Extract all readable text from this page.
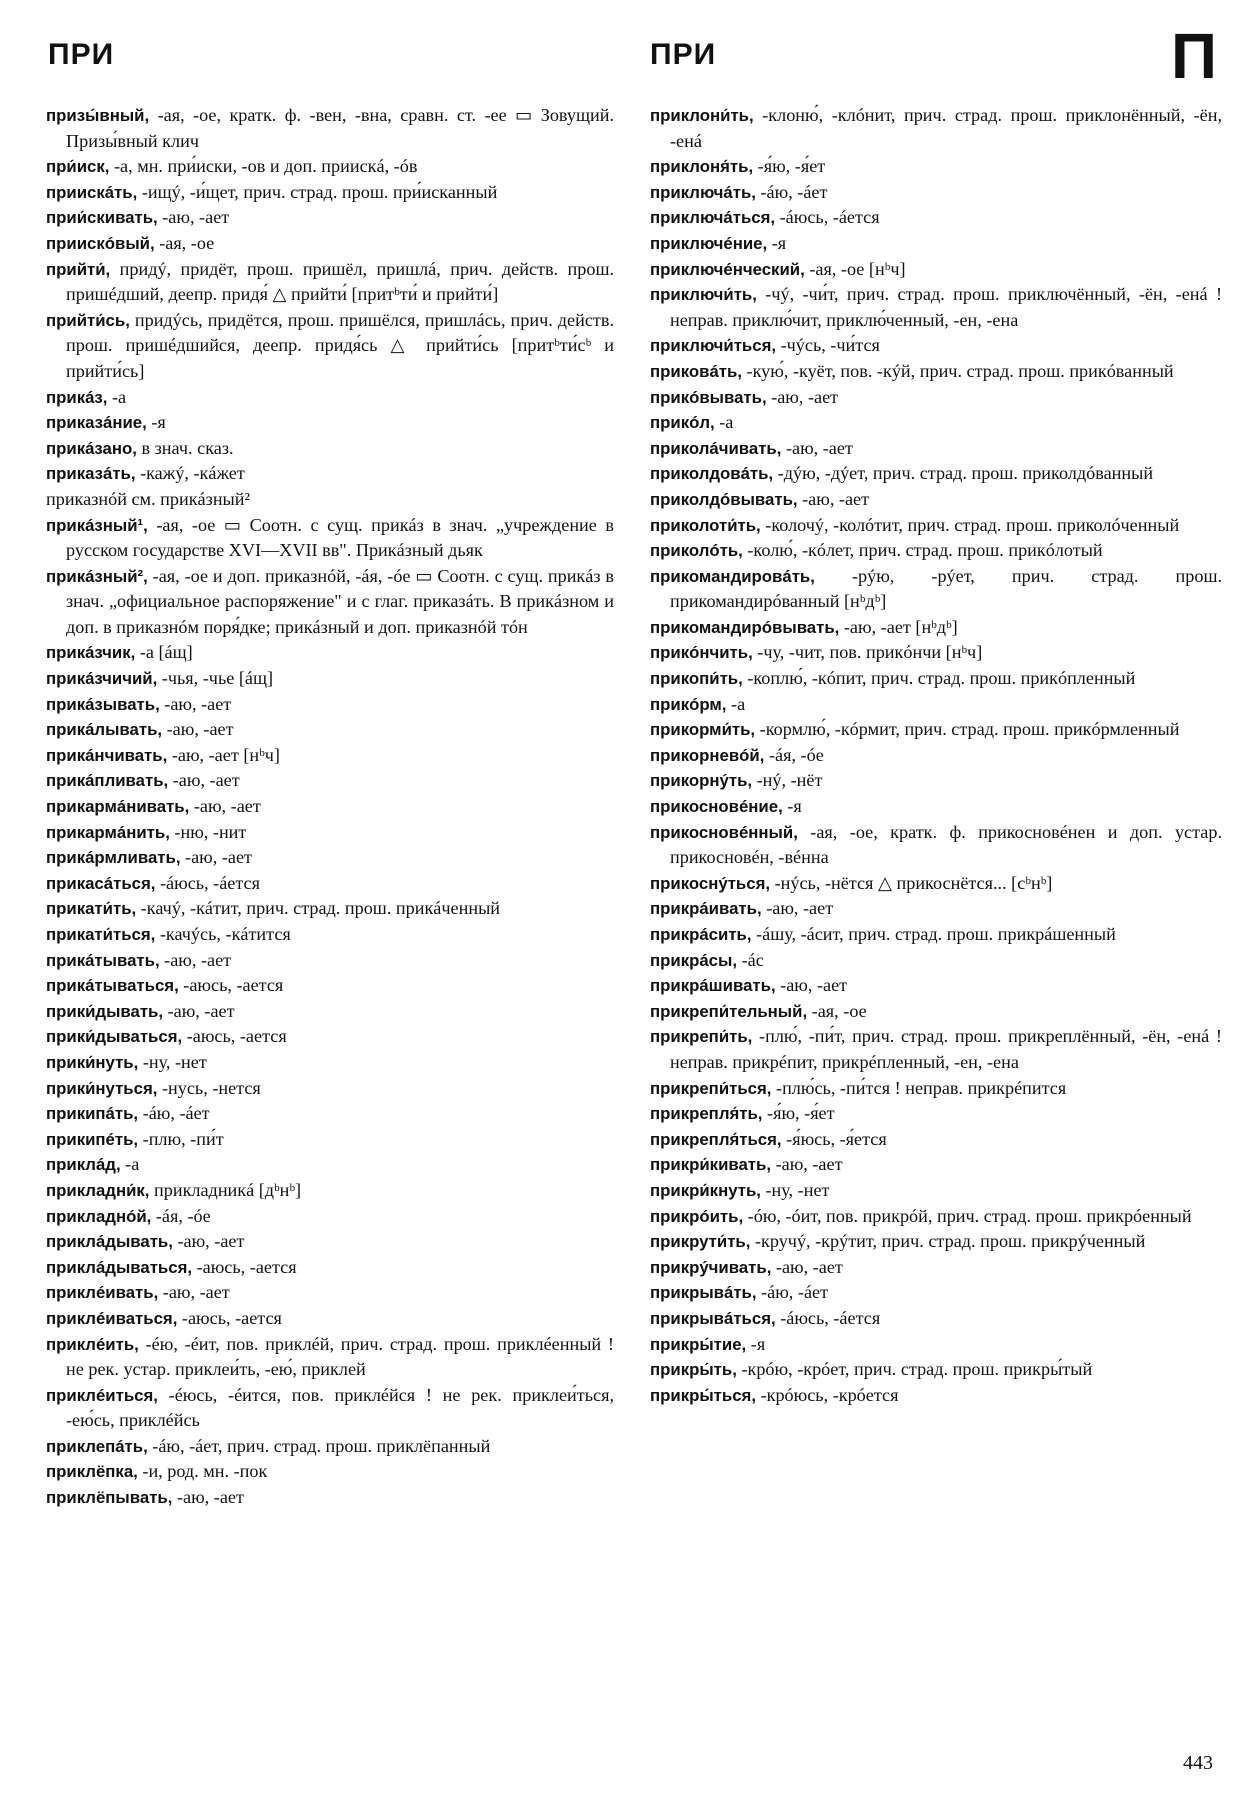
ПРИ	ПРИ	П

призы́вный, -ая, -ое, кратк. ф. -вен, -вна, сравн. ст. -ее ▭ Зовущий. Призы́вный клич

при́иск, -а, мн. при́иски, -ов и доп. приискá, -óв

приискáть, -ищý, -и́щет, прич. страд. прош. при́исканный

прии́скивать, -аю, -ает

приискóвый, -ая, -ое

прийти́, придý, придёт, прош. пришёл, пришлá, прич. действ. прош. пришéдший, деепр. придя́ △ прийти́ [притᵇти́ и прийти́]

прийти́сь, придýсь, придётся, прош. пришёлся, пришлáсь, прич. действ. прош. пришéдшийся, деепр. придя́сь △ прийти́сь [притᵇти́сᵇ и прийти́сь]

прикáз, -а

приказáние, -я

прикáзано, в знач. сказ.

приказáть, -кажý, -кáжет

приказнóй см. прикáзный²

прикáзный¹, -ая, -ое ▭ Соотн. с сущ. прикáз в знач. „учреждение в русском государстве XVI—XVII вв". Прикáзный дьяк

прикáзный², -ая, -ое и доп. приказнóй, -áя, -óе ▭ Соотн. с сущ. прикáз в знач. „официальное распоряжение" и с глаг. приказáть. В прикáзном и доп. в приказнóм поря́дке; прикáзный и доп. приказнóй тóн

прикáзчик, -а [áщ]

прикáзчичий, -чья, -чье [áщ]

прикáзывать, -аю, -ает

прикáлывать, -аю, -ает

прикáнчивать, -аю, -ает [нᵇч]

прикáпливать, -аю, -ает

прикармáнивать, -аю, -ает

прикармáнить, -ню, -нит

прикáрмливать, -аю, -ает

прикасáться, -áюсь, -áется

прикати́ть, -качý, -кáтит, прич. страд. прош. прикáченный

прикати́ться, -качýсь, -кáтится

прикáтывать, -аю, -ает

прикáтываться, -аюсь, -ается

прики́дывать, -аю, -ает

прики́дываться, -аюсь, -ается

прики́нуть, -ну, -нет

прики́нуться, -нусь, -нется

прикипáть, -áю, -áет

прикипéть, -плю, -пи́т

приклáд, -а

прикладни́к, прикладникá [дᵇнᵇ]

прикладнóй, -áя, -óе

приклáдывать, -аю, -ает

приклáдываться, -аюсь, -ается

приклéивать, -аю, -ает

приклéиваться, -аюсь, -ается

приклéить, -éю, -éит, пов. приклéй, прич. страд. прош. приклéенный ! не рек. устар. приклеи́ть, -ею́, приклей

приклéиться, -éюсь, -éится, пов. приклéйся ! не рек. приклеи́ться, -ею́сь, приклéйсь

приклепáть, -áю, -áет, прич. страд. прош. приклёпанный

приклёпка, -и, род. мн. -пок

приклёпывать, -аю, -ает

приклони́ть, -клоню́, -клóнит, прич. страд. прош. приклонённый, -ён, -енá

приклоня́ть, -я́ю, -я́ет

приключáть, -áю, -áет

приключáться, -áюсь, -áется

приключéние, -я

приключéнческий, -ая, -ое [нᵇч]

приключи́ть, -чý, -чи́т, прич. страд. прош. приключённый, -ён, -енá ! неправ. приклю́чит, приклю́ченный, -ен, -ена

приключи́ться, -чýсь, -чи́тся

приковáть, -кую́, -куёт, пов. -кýй, прич. страд. прош. прикóванный

прикóвывать, -аю, -ает

прикóл, -а

приколáчивать, -аю, -ает

приколдовáть, -дýю, -дýет, прич. страд. прош. приколдóванный

приколдóвывать, -аю, -ает

приколоти́ть, -колочý, -колóтит, прич. страд. прош. приколóченный

приколóть, -колю́, -кóлет, прич. страд. прош. прикóлотый

прикомандировáть, -рýю, -рýет, прич. страд. прош. прикомандирóванный [нᵇдᵇ]

прикомандирóвывать, -аю, -ает [нᵇдᵇ]

прикóнчить, -чу, -чит, пов. прикóнчи [нᵇч]

прикопи́ть, -коплю́, -кóпит, прич. страд. прош. прикóпленный

прикóрм, -а

прикорми́ть, -кормлю́, -кóрмит, прич. страд. прош. прикóрмленный

прикорневóй, -áя, -óе

прикорнýть, -нý, -нёт

прикосновéние, -я

прикосновéнный, -ая, -ое, кратк. ф. прикосновéнен и доп. устар. прикосновéн, -вéнна

прикоснýться, -нýсь, -нётся △ прикоснётся... [сᵇнᵇ]

прикрáивать, -аю, -ает

прикрáсить, -áшу, -áсит, прич. страд. прош. прикрáшенный

прикрáсы, -áс

прикрáшивать, -аю, -ает

прикрепи́тельный, -ая, -ое

прикрепи́ть, -плю́, -пи́т, прич. страд. прош. прикреплённый, -ён, -енá ! неправ. прикрéпит, прикрéпленный, -ен, -ена

прикрепи́ться, -плю́сь, -пи́тся ! неправ. прикрéпится

прикрепля́ть, -я́ю, -я́ет

прикрепля́ться, -я́юсь, -я́ется

прикри́кивать, -аю, -ает

прикри́кнуть, -ну, -нет

прикрóить, -óю, -óит, пов. прикрóй, прич. страд. прош. прикрóенный

прикрути́ть, -кручý, -крýтит, прич. страд. прош. прикрýченный

прикрýчивать, -аю, -ает

прикрывáть, -áю, -áет

прикрывáться, -áюсь, -áется

прикры́тие, -я

прикры́ть, -крóю, -крóет, прич. страд. прош. прикры́тый

прикры́ться, -крóюсь, -крóется

443
